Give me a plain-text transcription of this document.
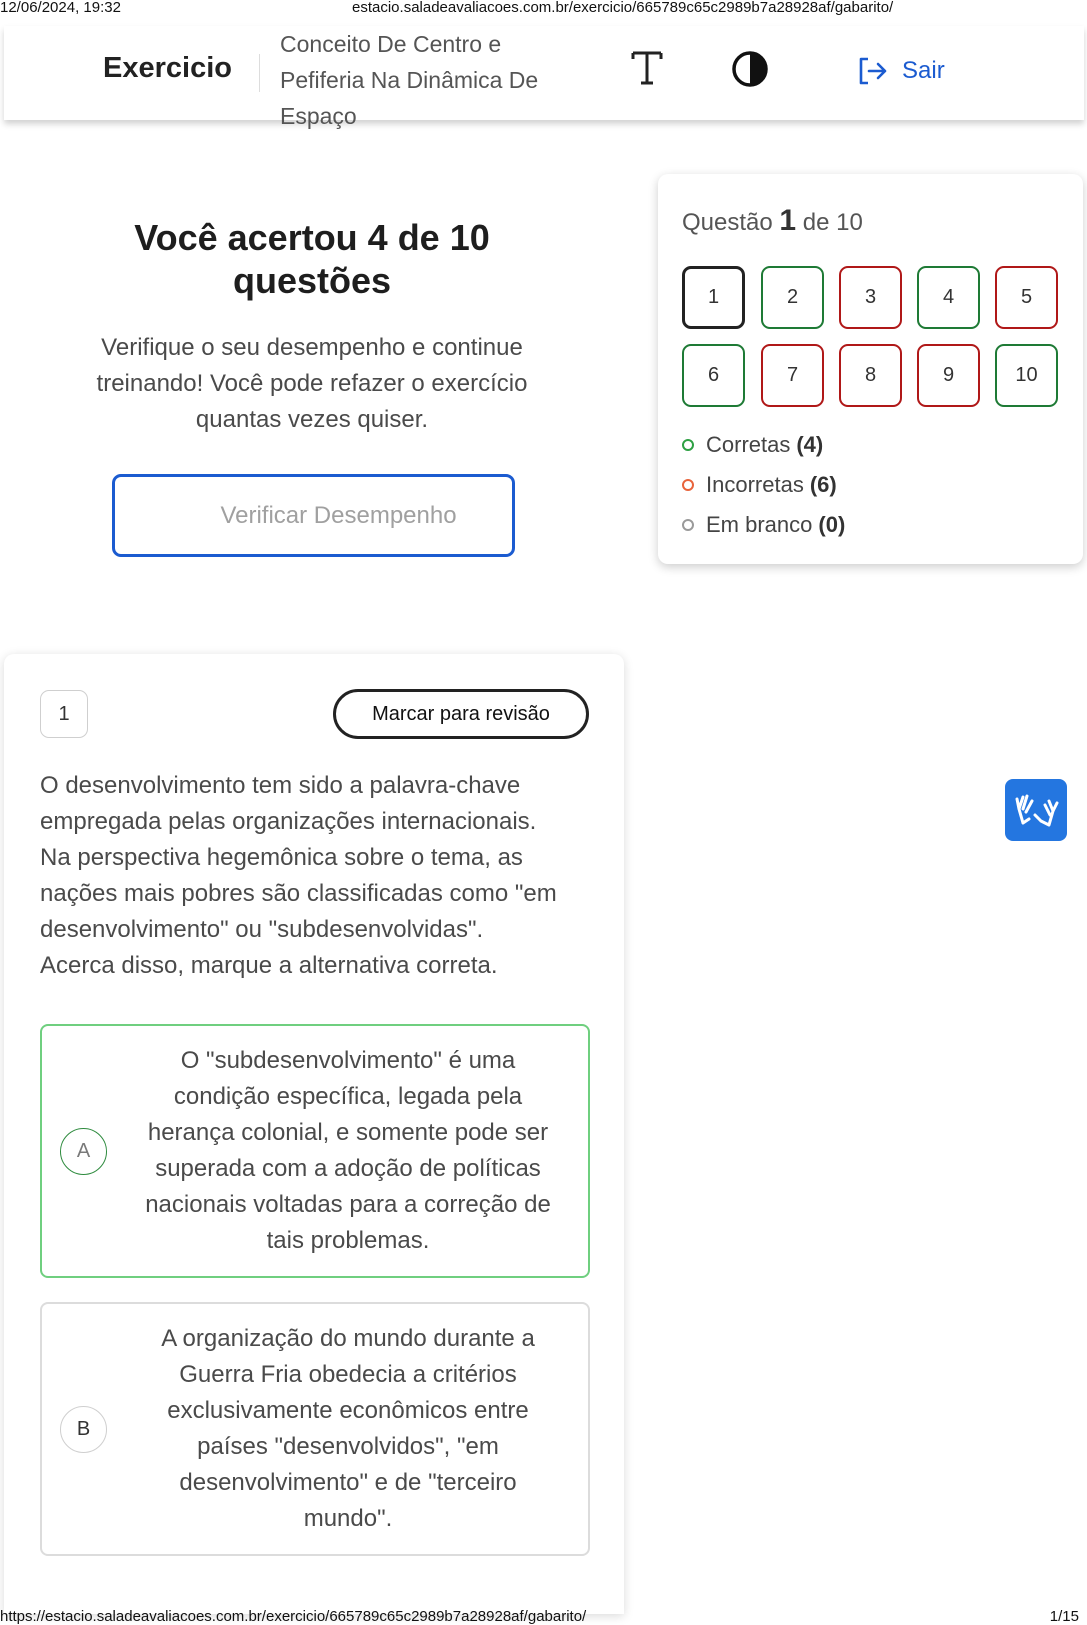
12/06/2024, 19:32	estacio.saladeavaliacoes.com.br/exercicio/665789c65c2989b7a28928af/gabarito/
Exercicio
Conceito De Centro e
Pefiferia Na Dinâmica De
Espaço
Sair
Você acertou 4 de 10
questões
Verifique o seu desempenho e continue
treinando! Você pode refazer o exercício
quantas vezes quiser.
Verificar Desempenho
Questão 1 de 10
1	2	3	4	5
6	7	8	9	10
Corretas (4)
Incorretas (6)
Em branco (0)
1	Marcar para revisão
O desenvolvimento tem sido a palavra-chave
empregada pelas organizações internacionais.
Na perspectiva hegemônica sobre o tema, as
nações mais pobres são classificadas como "em
desenvolvimento" ou "subdesenvolvidas".
Acerca disso, marque a alternativa correta.
A
O "subdesenvolvimento" é uma
condição específica, legada pela
herança colonial, e somente pode ser
superada com a adoção de políticas
nacionais voltadas para a correção de
tais problemas.
B
A organização do mundo durante a
Guerra Fria obedecia a critérios
exclusivamente econômicos entre
países "desenvolvidos", "em
desenvolvimento" e de "terceiro
mundo".
https://estacio.saladeavaliacoes.com.br/exercicio/665789c65c2989b7a28928af/gabarito/	1/15
